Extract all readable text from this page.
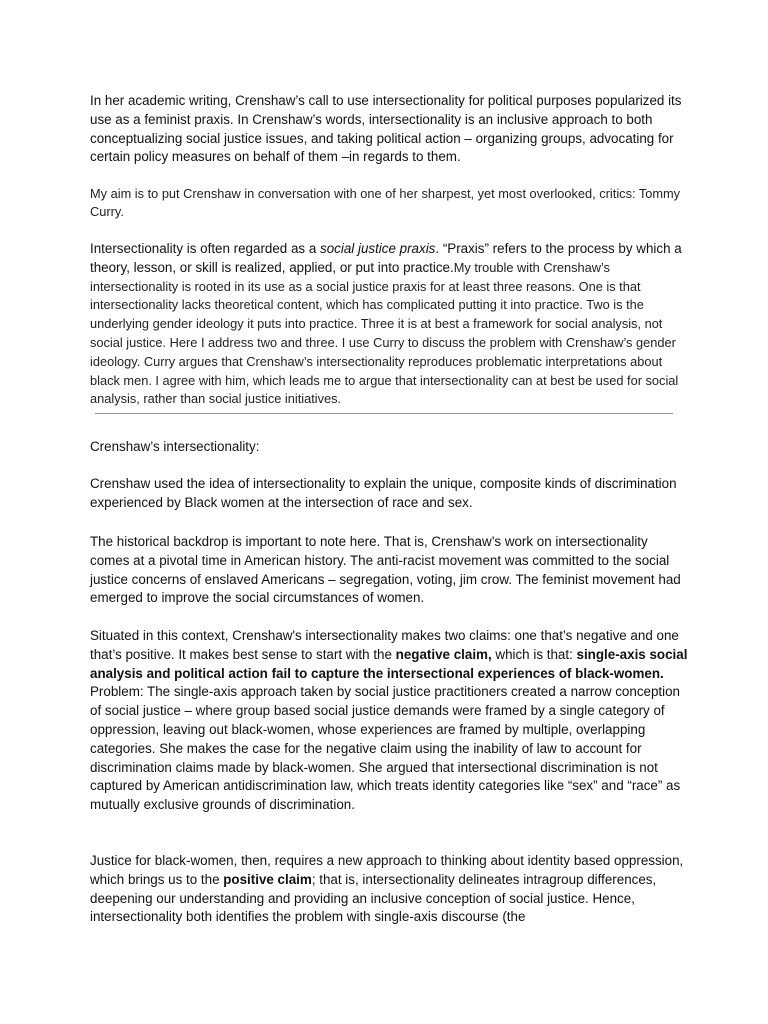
In her academic writing, Crenshaw’s call to use intersectionality for political purposes popularized its use as a feminist praxis. In Crenshaw’s words, intersectionality is an inclusive approach to both conceptualizing social justice issues, and taking political action – organizing groups, advocating for certain policy measures on behalf of them –in regards to them.

My aim is to put Crenshaw in conversation with one of her sharpest, yet most overlooked, critics: Tommy Curry.

Intersectionality is often regarded as a social justice praxis. “Praxis” refers to the process by which a theory, lesson, or skill is realized, applied, or put into practice.My trouble with Crenshaw’s intersectionality is rooted in its use as a social justice praxis for at least three reasons. One is that intersectionality lacks theoretical content, which has complicated putting it into practice. Two is the underlying gender ideology it puts into practice. Three it is at best a framework for social analysis, not social justice. Here I address two and three. I use Curry to discuss the problem with Crenshaw’s gender ideology. Curry argues that Crenshaw’s intersectionality reproduces problematic interpretations about black men. I agree with him, which leads me to argue that intersectionality can at best be used for social analysis, rather than social justice initiatives.

Crenshaw’s intersectionality:

Crenshaw used the idea of intersectionality to explain the unique, composite kinds of discrimination experienced by Black women at the intersection of race and sex.

The historical backdrop is important to note here. That is, Crenshaw’s work on intersectionality comes at a pivotal time in American history. The anti-racist movement was committed to the social justice concerns of enslaved Americans – segregation, voting, jim crow. The feminist movement had emerged to improve the social circumstances of women.

Situated in this context, Crenshaw's intersectionality makes two claims: one that’s negative and one that’s positive. It makes best sense to start with the negative claim, which is that: single-axis social analysis and political action fail to capture the intersectional experiences of black-women. Problem: The single-axis approach taken by social justice practitioners created a narrow conception of social justice – where group based social justice demands were framed by a single category of oppression, leaving out black-women, whose experiences are framed by multiple, overlapping categories. She makes the case for the negative claim using the inability of law to account for discrimination claims made by black-women. She argued that intersectional discrimination is not captured by American antidiscrimination law, which treats identity categories like “sex” and “race” as mutually exclusive grounds of discrimination.

Justice for black-women, then, requires a new approach to thinking about identity based oppression, which brings us to the positive claim; that is, intersectionality delineates intragroup differences, deepening our understanding and providing an inclusive conception of social justice. Hence, intersectionality both identifies the problem with single-axis discourse (the
